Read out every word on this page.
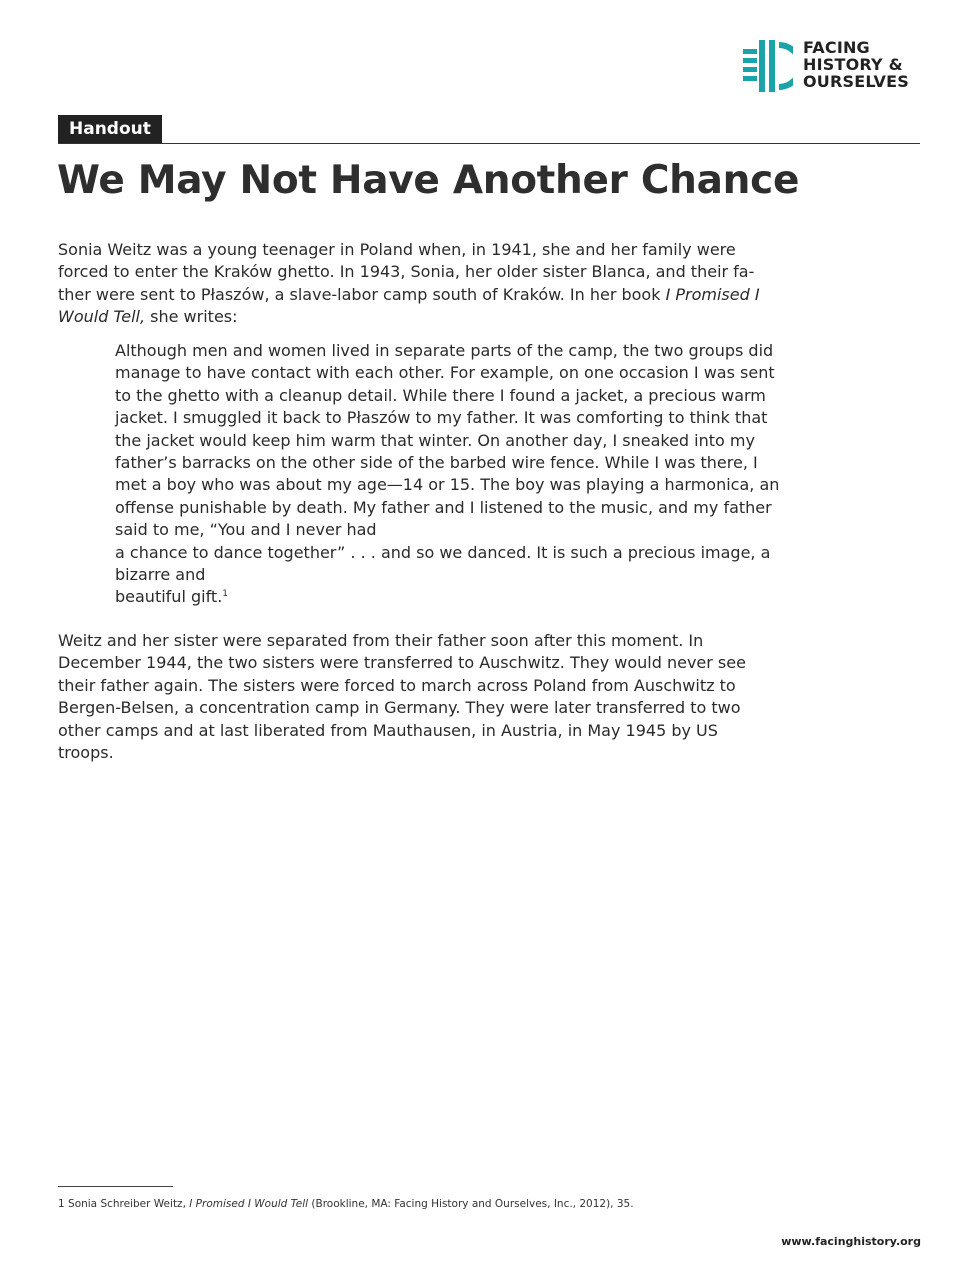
FACING
HISTORY &
OURSELVES
Handout
We May Not Have Another Chance

Sonia Weitz was a young teenager in Poland when, in 1941, she and her family were
forced to enter the Kraków ghetto. In 1943, Sonia, her older sister Blanca, and their fa-
ther were sent to Płaszów, a slave-labor camp south of Kraków. In her book I Promised I
Would Tell, she writes:

Although men and women lived in separate parts of the camp, the two groups did
manage to have contact with each other. For example, on one occasion I was sent
to the ghetto with a cleanup detail. While there I found a jacket, a precious warm
jacket. I smuggled it back to Płaszów to my father. It was comforting to think that
the jacket would keep him warm that winter. On another day, I sneaked into my
father’s barracks on the other side of the barbed wire fence. While I was there, I
met a boy who was about my age—14 or 15. The boy was playing a harmonica, an
offense punishable by death. My father and I listened to the music, and my father
said to me, “You and I never had
a chance to dance together” . . . and so we danced. It is such a precious image, a
bizarre and
beautiful gift.$^1$

Weitz and her sister were separated from their father soon after this moment. In
December 1944, the two sisters were transferred to Auschwitz. They would never see
their father again. The sisters were forced to march across Poland from Auschwitz to
Bergen-Belsen, a concentration camp in Germany. They were later transferred to two
other camps and at last liberated from Mauthausen, in Austria, in May 1945 by US
troops.

1 Sonia Schreiber Weitz, I Promised I Would Tell (Brookline, MA: Facing History and Ourselves, Inc., 2012), 35.
www.facinghistory.org
